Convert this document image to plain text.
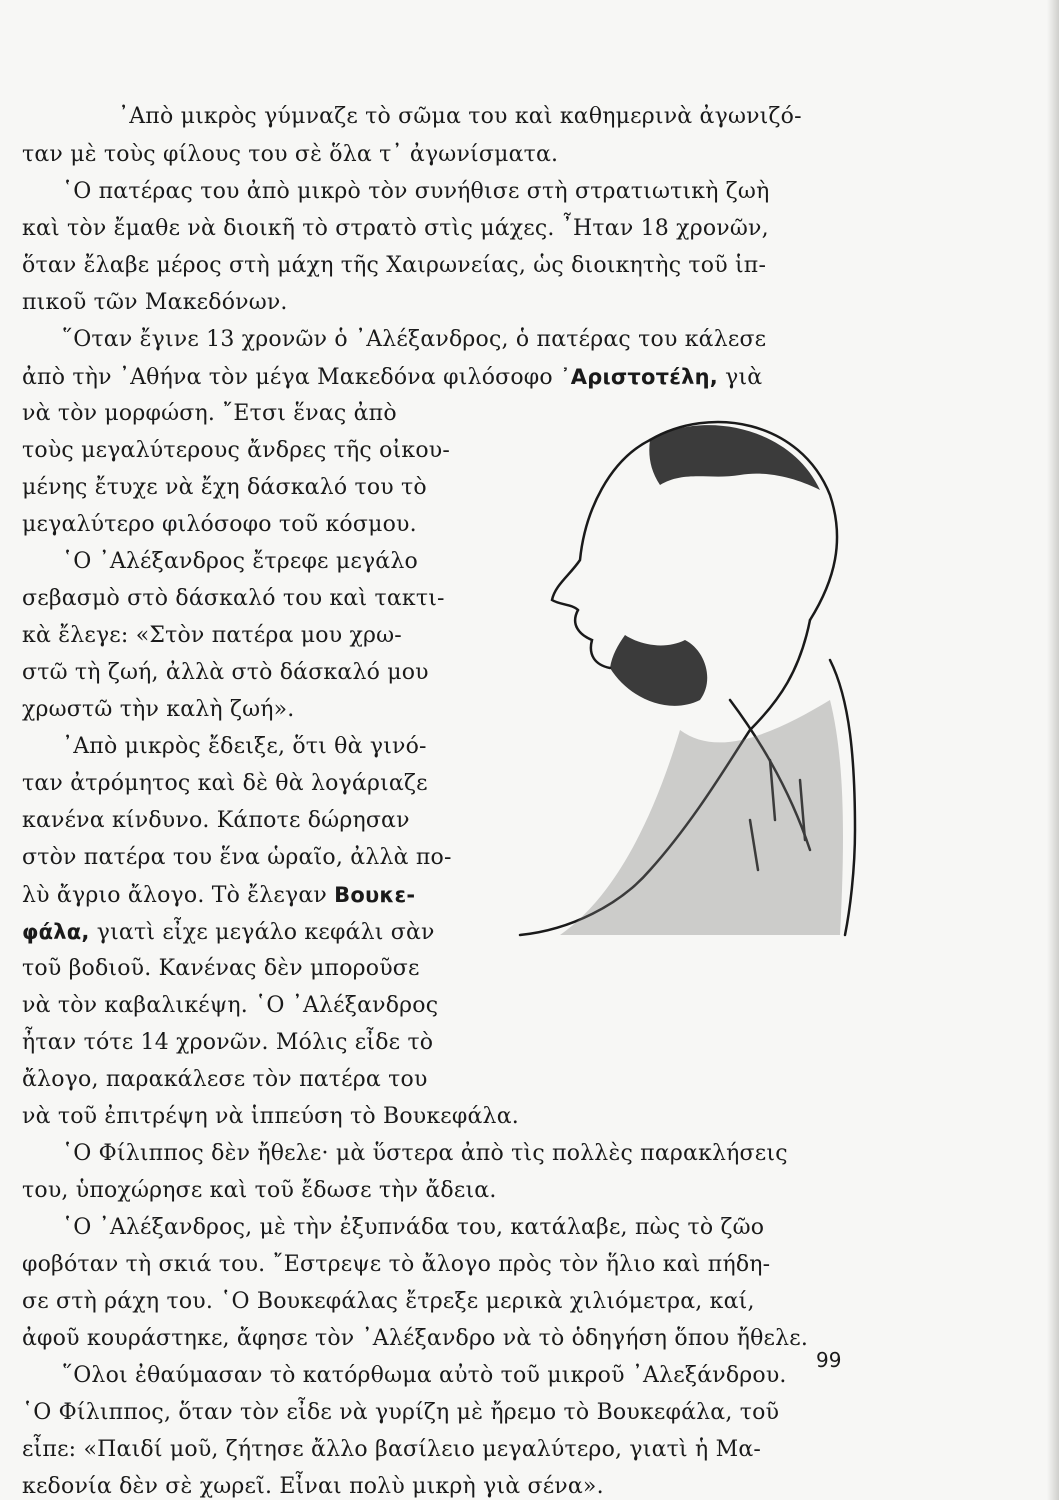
᾿Απὸ μικρὸς γύμναζε τὸ σῶμα του καὶ καθημερινὰ ἀγωνιζό-
ταν μὲ τοὺς φίλους του σὲ ὅλα τ᾿ ἀγωνίσματα.
῾Ο πατέρας του ἀπὸ μικρὸ τὸν συνήθισε στὴ στρατιωτικὴ ζωὴ
καὶ τὸν ἔμαθε νὰ διοικῆ τὸ στρατὸ στὶς μάχες. ῏Ηταν 18 χρονῶν,
ὅταν ἔλαβε μέρος στὴ μάχη τῆς Χαιρωνείας, ὡς διοικητὴς τοῦ ἱπ-
πικοῦ τῶν Μακεδόνων.
῞Οταν ἔγινε 13 χρονῶν ὁ ᾿Αλέξανδρος, ὁ πατέρας του κάλεσε
ἀπὸ τὴν ᾿Αθήνα τὸν μέγα Μακεδόνα φιλόσοφο ᾿Αριστοτέλη, γιὰ
νὰ τὸν μορφώση. ῎Ετσι ἕνας ἀπὸ
τοὺς μεγαλύτερους ἄνδρες τῆς οἰκου-
μένης ἔτυχε νὰ ἔχη δάσκαλό του τὸ
μεγαλύτερο φιλόσοφο τοῦ κόσμου.
῾Ο ᾿Αλέξανδρος ἔτρεφε μεγάλο
σεβασμὸ στὸ δάσκαλό του καὶ τακτι-
κὰ ἔλεγε: «Στὸν πατέρα μου χρω-
στῶ τὴ ζωή, ἀλλὰ στὸ δάσκαλό μου
χρωστῶ τὴν καλὴ ζωή».
᾿Απὸ μικρὸς ἔδειξε, ὅτι θὰ γινό-
ταν ἀτρόμητος καὶ δὲ θὰ λογάριαζε
κανένα κίνδυνο. Κάποτε δώρησαν
στὸν πατέρα του ἕνα ὡραῖο, ἀλλὰ πο-
λὺ ἄγριο ἄλογο. Τὸ ἔλεγαν Βουκε-
φάλα, γιατὶ εἶχε μεγάλο κεφάλι σὰν
τοῦ βοδιοῦ. Κανένας δὲν μποροῦσε
νὰ τὸν καβαλικέψη. ῾Ο ᾿Αλέξανδρος
ἦταν τότε 14 χρονῶν. Μόλις εἶδε τὸ
ἄλογο, παρακάλεσε τὸν πατέρα του
νὰ τοῦ ἐπιτρέψη νὰ ἱππεύση τὸ Βουκεφάλα.
῾Ο Φίλιππος δὲν ἤθελε· μὰ ὕστερα ἀπὸ τὶς πολλὲς παρακλήσεις
του, ὑποχώρησε καὶ τοῦ ἔδωσε τὴν ἄδεια.
῾Ο ᾿Αλέξανδρος, μὲ τὴν ἐξυπνάδα του, κατάλαβε, πὼς τὸ ζῶο
φοβόταν τὴ σκιά του. ῎Εστρεψε τὸ ἄλογο πρὸς τὸν ἥλιο καὶ πήδη-
σε στὴ ράχη του. ῾Ο Βουκεφάλας ἔτρεξε μερικὰ χιλιόμετρα, καί,
ἀφοῦ κουράστηκε, ἄφησε τὸν ᾿Αλέξανδρο νὰ τὸ ὁδηγήση ὅπου ἤθελε.
῞Ολοι ἐθαύμασαν τὸ κατόρθωμα αὐτὸ τοῦ μικροῦ ᾿Αλεξάνδρου.
῾Ο Φίλιππος, ὅταν τὸν εἶδε νὰ γυρίζη μὲ ἤρεμο τὸ Βουκεφάλα, τοῦ
εἶπε: «Παιδί μοῦ, ζήτησε ἄλλο βασίλειο μεγαλύτερο, γιατὶ ἡ Μα-
κεδονία δὲν σὲ χωρεῖ. Εἶναι πολὺ μικρὴ γιὰ σένα».
99
